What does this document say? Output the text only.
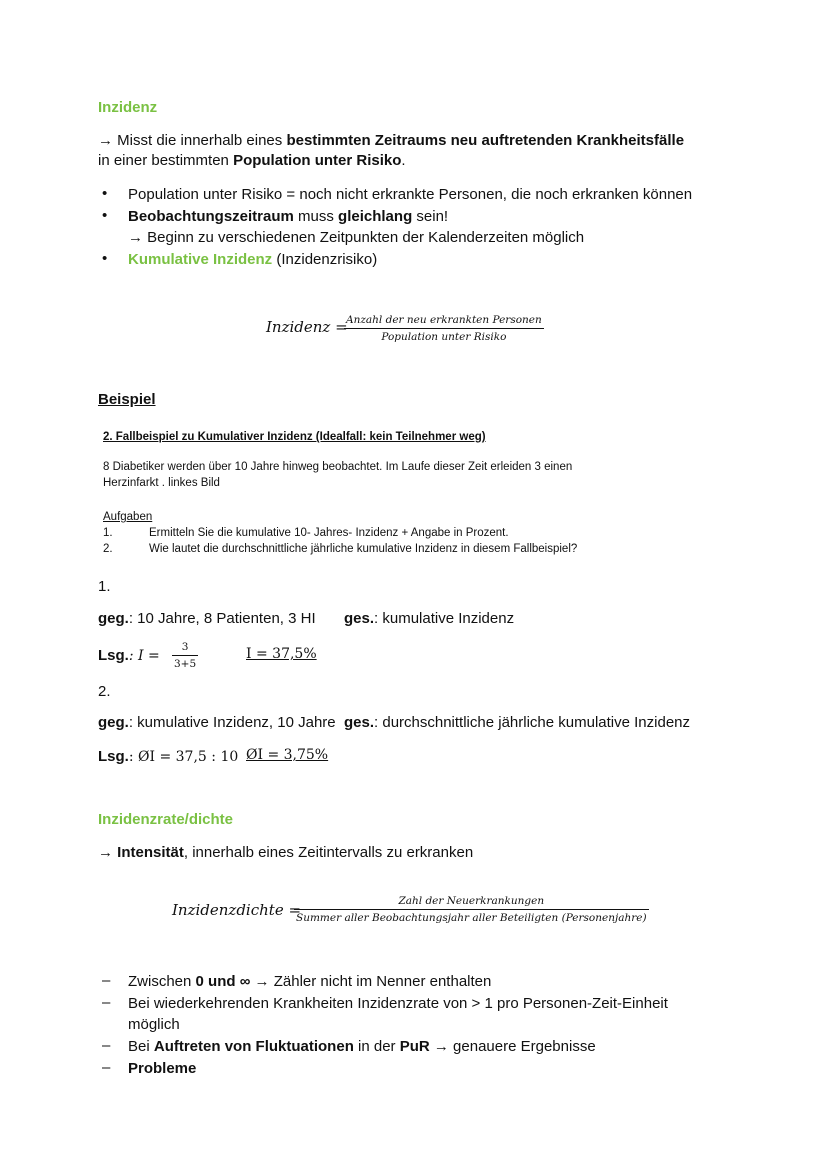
Inzidenz
→ Misst die innerhalb eines bestimmten Zeitraums neu auftretenden Krankheitsfälle
in einer bestimmten Population unter Risiko.
• Population unter Risiko = noch nicht erkrankte Personen, die noch erkranken können
• Beobachtungszeitraum muss gleichlang sein!
→ Beginn zu verschiedenen Zeitpunkten der Kalenderzeiten möglich
• Kumulative Inzidenz (Inzidenzrisiko)
Inzidenz =
Anzahl der neu erkrankten Personen
Population unter Risiko
Beispiel
2. Fallbeispiel zu Kumulativer Inzidenz (Idealfall: kein Teilnehmer weg)
8 Diabetiker werden über 10 Jahre hinweg beobachtet. Im Laufe dieser Zeit erleiden 3 einen
Herzinfarkt . linkes Bild
Aufgaben
1.	Ermitteln Sie die kumulative 10- Jahres- Inzidenz + Angabe in Prozent.
2.	Wie lautet die durchschnittliche jährliche kumulative Inzidenz in diesem Fallbeispiel?
1.
geg.: 10 Jahre, 8 Patienten, 3 HI ges.: kumulative Inzidenz
Lsg.: I =
3
3+5
I = 37,5%
2.
geg.: kumulative Inzidenz, 10 Jahre ges.: durchschnittliche jährliche kumulative Inzidenz
Lsg.: ØI = 37,5 : 10 ØI = 3,75%
Inzidenzrate/dichte
→ Intensität, innerhalb eines Zeitintervalls zu erkranken
Inzidenzdichte =	Zahl der Neuerkrankungen
Summer aller Beobachtungsjahr aller Beteiligten (Personenjahre)
– Zwischen 0 und ∞ → Zähler nicht im Nenner enthalten
– Bei wiederkehrenden Krankheiten Inzidenzrate von > 1 pro Personen-Zeit-Einheit
möglich
– Bei Auftreten von Fluktuationen in der PuR → genauere Ergebnisse
– Probleme
